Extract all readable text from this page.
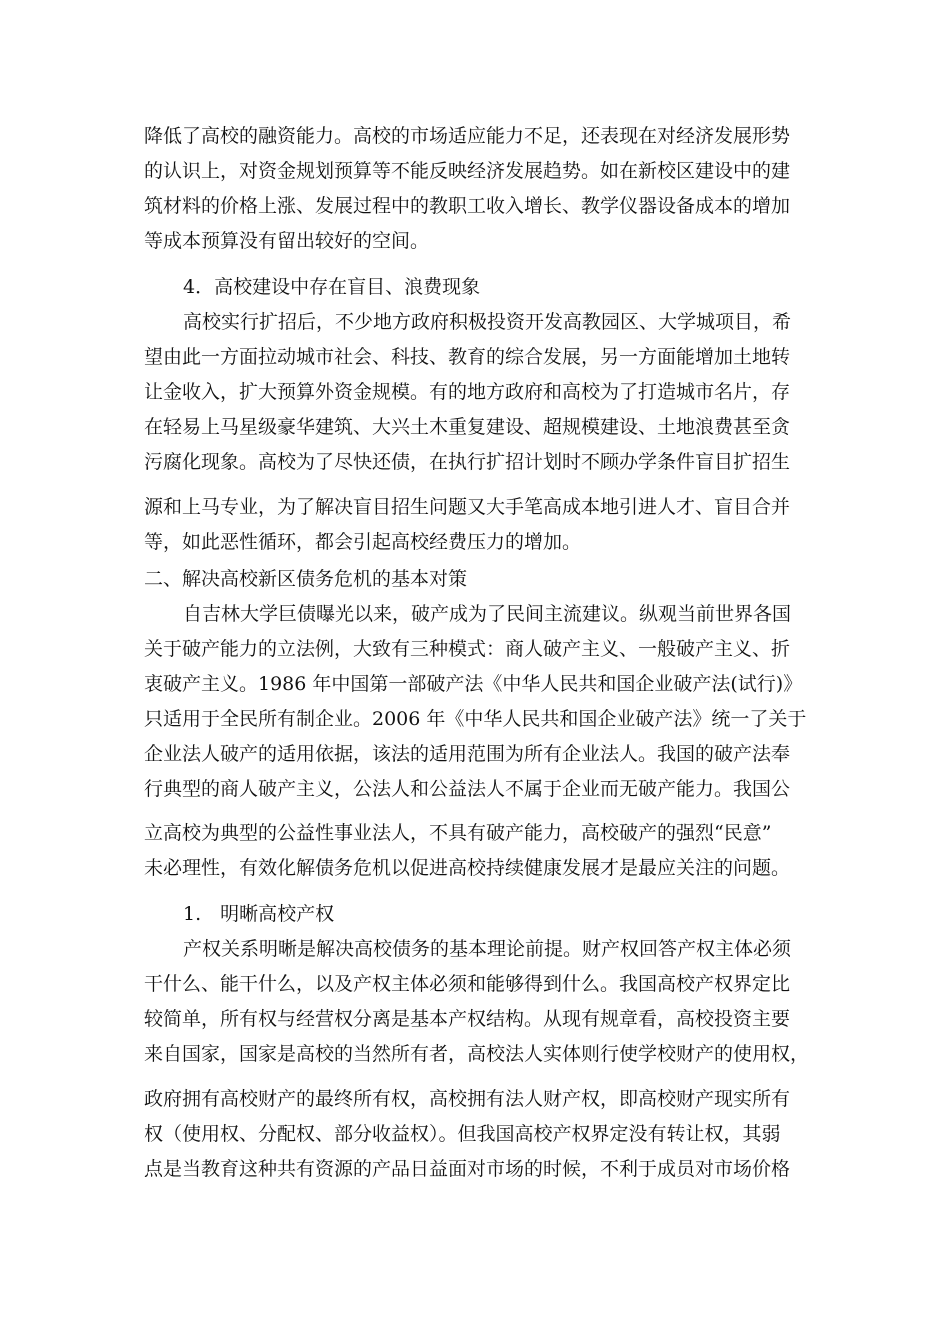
降低了高校的融资能力。高校的市场适应能力不足，还表现在对经济发展形势
的认识上，对资金规划预算等不能反映经济发展趋势。如在新校区建设中的建
筑材料的价格上涨、发展过程中的教职工收入增长、教学仪器设备成本的增加
等成本预算没有留出较好的空间。
4．高校建设中存在盲目、浪费现象
高校实行扩招后，不少地方政府积极投资开发高教园区、大学城项目，希
望由此一方面拉动城市社会、科技、教育的综合发展，另一方面能增加土地转
让金收入，扩大预算外资金规模。有的地方政府和高校为了打造城市名片，存
在轻易上马星级豪华建筑、大兴土木重复建设、超规模建设、土地浪费甚至贪
污腐化现象。高校为了尽快还债，在执行扩招计划时不顾办学条件盲目扩招生
源和上马专业，为了解决盲目招生问题又大手笔高成本地引进人才、盲目合并
等，如此恶性循环，都会引起高校经费压力的增加。
二、解决高校新区债务危机的基本对策
自吉林大学巨债曝光以来，破产成为了民间主流建议。纵观当前世界各国
关于破产能力的立法例，大致有三种模式：商人破产主义、一般破产主义、折
衷破产主义。1986 年中国第一部破产法《中华人民共和国企业破产法(试行)》
只适用于全民所有制企业。2006 年《中华人民共和国企业破产法》统一了关于
企业法人破产的适用依据，该法的适用范围为所有企业法人。我国的破产法奉
行典型的商人破产主义，公法人和公益法人不属于企业而无破产能力。我国公
立高校为典型的公益性事业法人，不具有破产能力，高校破产的强烈“民意”
未必理性，有效化解债务危机以促进高校持续健康发展才是最应关注的问题。
1.　明晰高校产权
产权关系明晰是解决高校债务的基本理论前提。财产权回答产权主体必须
干什么、能干什么，以及产权主体必须和能够得到什么。我国高校产权界定比
较简单，所有权与经营权分离是基本产权结构。从现有规章看，高校投资主要
来自国家，国家是高校的当然所有者，高校法人实体则行使学校财产的使用权，
政府拥有高校财产的最终所有权，高校拥有法人财产权，即高校财产现实所有
权（使用权、分配权、部分收益权）。但我国高校产权界定没有转让权，其弱
点是当教育这种共有资源的产品日益面对市场的时候，不利于成员对市场价格
